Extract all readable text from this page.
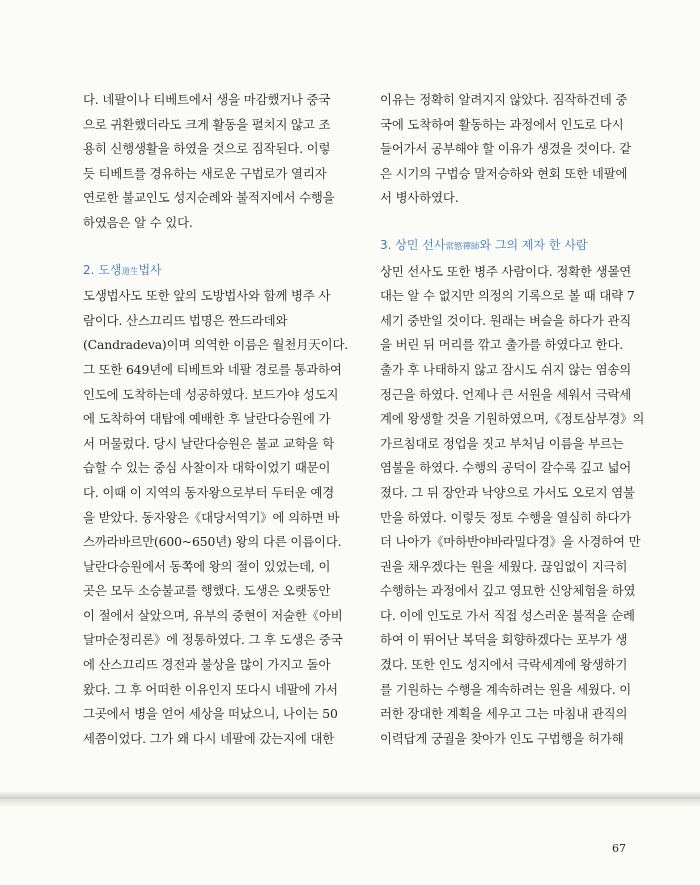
다. 네팔이나 티베트에서 생을 마감했거나 중국
으로 귀환했더라도 크게 활동을 펼치지 않고 조
용히 신행생활을 하였을 것으로 짐작된다. 이렇
듯 티베트를 경유하는 새로운 구법로가 열리자
연로한 불교인도 성지순례와 불적지에서 수행을
하였음은 알 수 있다.

2. 도생道生법사

도생법사도 또한 앞의 도방법사와 함께 병주 사
람이다. 산스끄리뜨 법명은 짠드라데와
(Candradeva)이며 의역한 이름은 월천月天이다.
그 또한 649년에 티베트와 네팔 경로를 통과하여
인도에 도착하는데 성공하였다. 보드가야 성도지
에 도착하여 대탑에 예배한 후 날란다승원에 가
서 머물렀다. 당시 날란다승원은 불교 교학을 학
습할 수 있는 중심 사찰이자 대학이었기 때문이
다. 이때 이 지역의 동자왕으로부터 두터운 예경
을 받았다. 동자왕은《대당서역기》에 의하면 바
스까라바르만(600~650년) 왕의 다른 이름이다.
날란다승원에서 동쪽에 왕의 절이 있었는데, 이
곳은 모두 소승불교를 행했다. 도생은 오랫동안
이 절에서 살았으며, 유부의 중현이 저술한《아비
달마순정리론》에 정통하였다. 그 후 도생은 중국
에 산스끄리뜨 경전과 불상을 많이 가지고 돌아
왔다. 그 후 어떠한 이유인지 또다시 네팔에 가서
그곳에서 병을 얻어 세상을 떠났으니, 나이는 50
세쯤이었다. 그가 왜 다시 네팔에 갔는지에 대한

이유는 정확히 알려지지 않았다. 짐작하건데 중
국에 도착하여 활동하는 과정에서 인도로 다시
들어가서 공부해야 할 이유가 생겼을 것이다. 같
은 시기의 구법승 말저승하와 현회 또한 네팔에
서 병사하였다.

3. 상민 선사常慜禪師와 그의 제자 한 사람

상민 선사도 또한 병주 사람이다. 정확한 생몰연
대는 알 수 없지만 의정의 기록으로 볼 때 대략 7
세기 중반일 것이다. 원래는 벼슬을 하다가 관직
을 버린 뒤 머리를 깎고 출가를 하였다고 한다.
출가 후 나태하지 않고 잠시도 쉬지 않는 염송의
정근을 하였다. 언제나 큰 서원을 세워서 극락세
계에 왕생할 것을 기원하였으며,《정토삼부경》의
가르침대로 정업을 짓고 부처님 이름을 부르는
염불을 하였다. 수행의 공덕이 갈수록 깊고 넓어
졌다. 그 뒤 장안과 낙양으로 가서도 오로지 염불
만을 하였다. 이렇듯 정토 수행을 열심히 하다가
더 나아가《마하반야바라밀다경》을 사경하여 만
권을 채우겠다는 원을 세웠다. 끊임없이 지극히
수행하는 과정에서 깊고 영묘한 신앙체험을 하였
다. 이에 인도로 가서 직접 성스러운 불적을 순례
하여 이 뛰어난 복덕을 회향하겠다는 포부가 생
겼다. 또한 인도 성지에서 극락세계에 왕생하기
를 기원하는 수행을 계속하려는 원을 세웠다. 이
러한 장대한 계획을 세우고 그는 마침내 관직의
이력답게 궁궐을 찾아가 인도 구법행을 허가해

67
